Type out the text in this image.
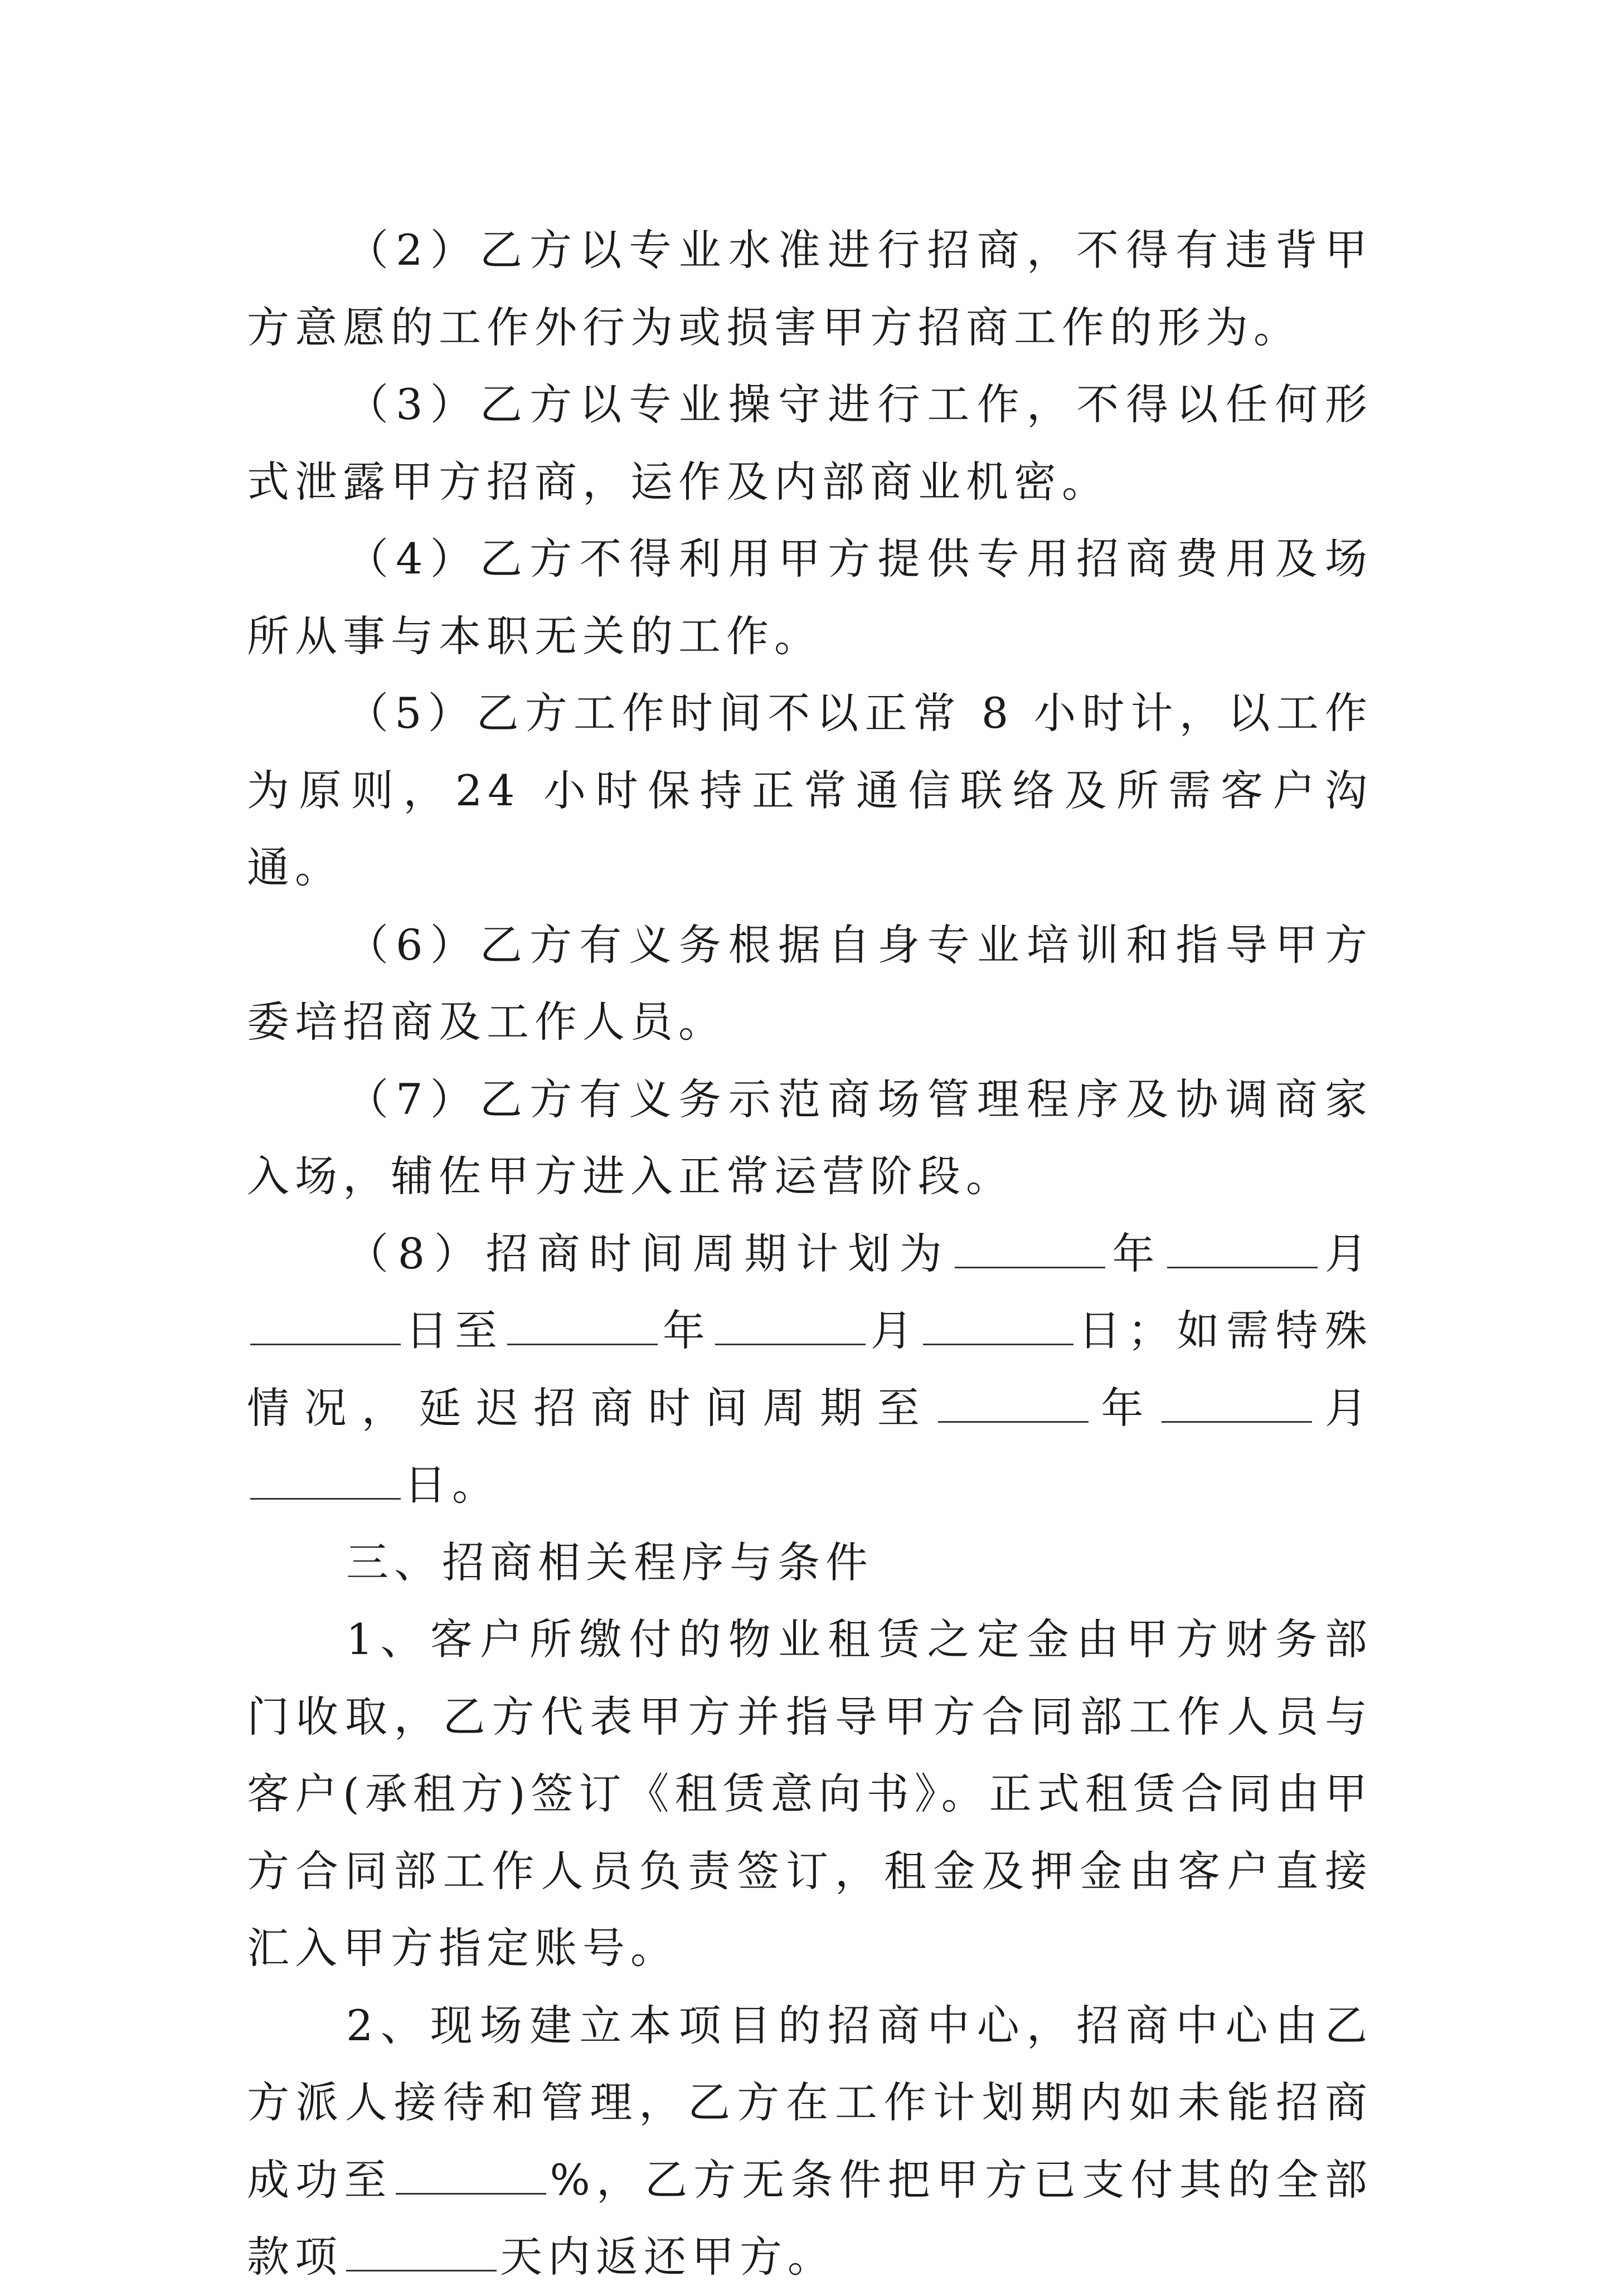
（2）乙方以专业水准进行招商，不得有违背甲方意愿的工作外行为或损害甲方招商工作的形为。

（3）乙方以专业操守进行工作，不得以任何形式泄露甲方招商，运作及内部商业机密。

（4）乙方不得利用甲方提供专用招商费用及场所从事与本职无关的工作。

（5）乙方工作时间不以正常 8 小时计，以工作为原则，24 小时保持正常通信联络及所需客户沟通。

（6）乙方有义务根据自身专业培训和指导甲方委培招商及工作人员。

（7）乙方有义务示范商场管理程序及协调商家入场，辅佐甲方进入正常运营阶段。

（8）招商时间周期计划为	年	月日至	年	月	日；如需特殊情况，延迟招商时间周期至	年	月日。

三、招商相关程序与条件

1、客户所缴付的物业租赁之定金由甲方财务部门收取，乙方代表甲方并指导甲方合同部工作人员与客户(承租方)签订《租赁意向书》。正式租赁合同由甲方合同部工作人员负责签订，租金及押金由客户直接汇入甲方指定账号。

2、现场建立本项目的招商中心，招商中心由乙方派人接待和管理，乙方在工作计划期内如未能招商成功至	%，乙方无条件把甲方已支付其的全部款项	天内返还甲方。
